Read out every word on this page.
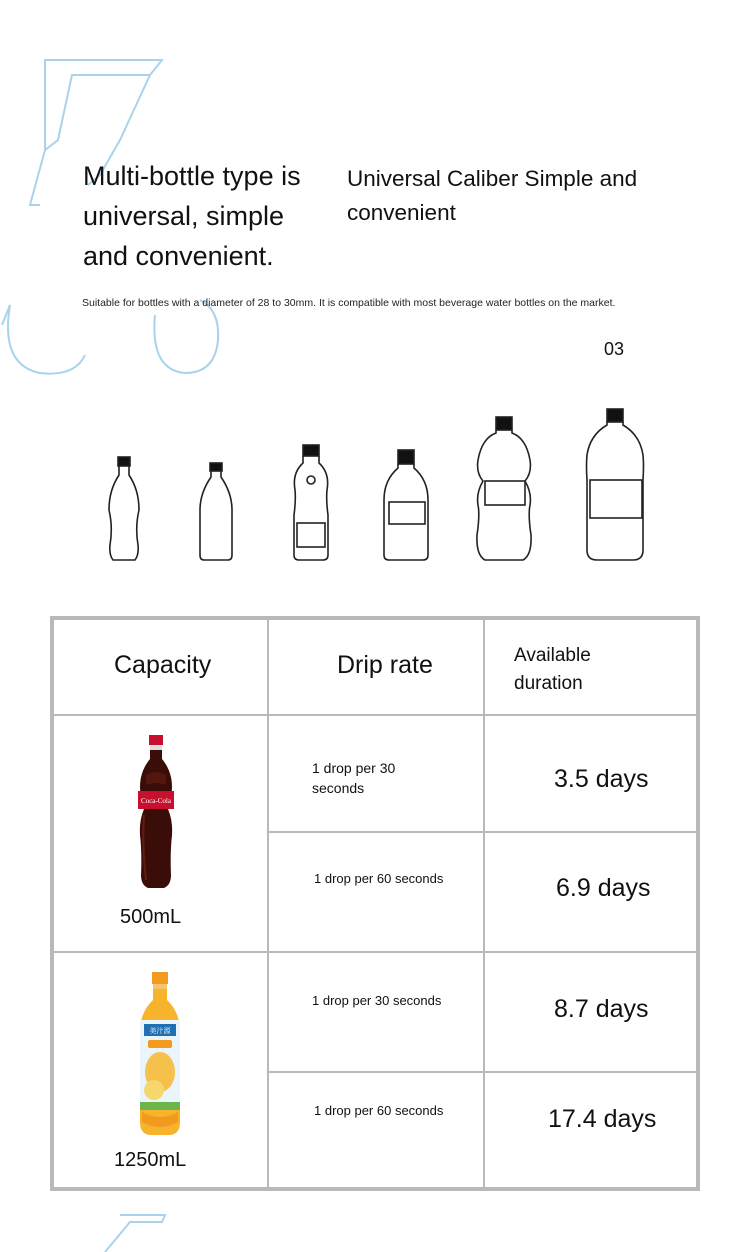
Multi-bottle type is universal, simple and convenient.
Universal Caliber Simple and convenient
Suitable for bottles with a diameter of 28 to 30mm. It is compatible with most beverage water bottles on the market.
03
Capacity	Drip rate	Available duration
Coca-Cola
500mL
1 drop per 30 seconds	3.5 days
1 drop per 60 seconds	6.9 days
美汁源
1250mL
1 drop per 30 seconds	8.7 days
1 drop per 60 seconds	17.4 days
